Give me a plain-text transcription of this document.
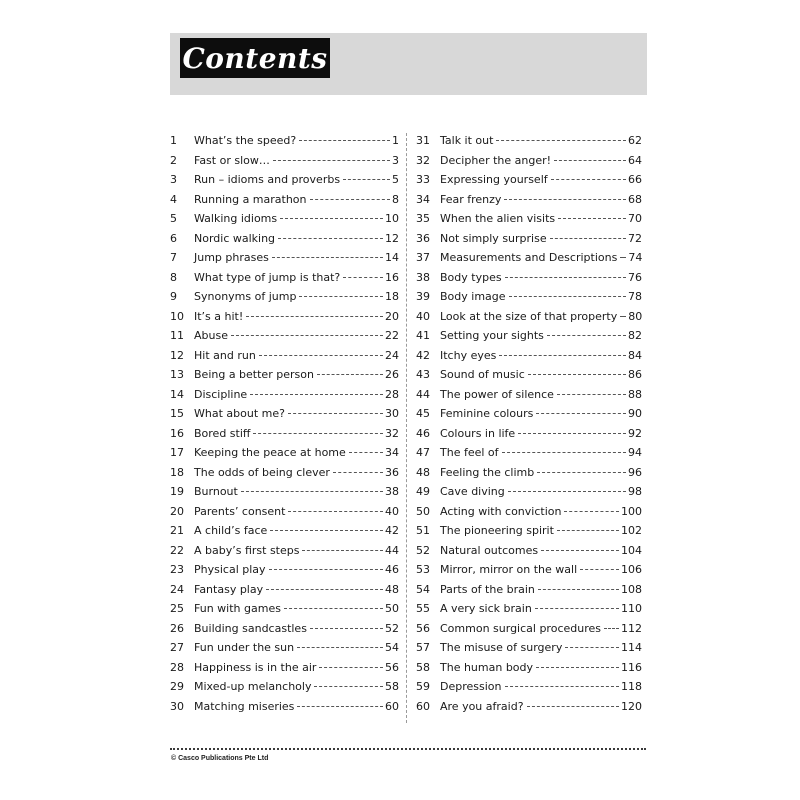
Contents
1	What’s the speed?	1
2	Fast or slow…	3
3	Run – idioms and proverbs	5
4	Running a marathon	8
5	Walking idioms	10
6	Nordic walking	12
7	Jump phrases	14
8	What type of jump is that?	16
9	Synonyms of jump	18
10 It’s a hit!	20
11 Abuse	22
12 Hit and run	24
13 Being a better person	26
14 Discipline	28
15 What about me?	30
16 Bored stiff	32
17 Keeping the peace at home	34
18 The odds of being clever	36
19 Burnout	38
20 Parents’ consent	40
21 A child’s face	42
22 A baby’s first steps	44
23 Physical play	46
24 Fantasy play	48
25 Fun with games	50
26 Building sandcastles	52
27 Fun under the sun	54
28 Happiness is in the air	56
29 Mixed-up melancholy	58
30 Matching miseries	60
31 Talk it out	62
32 Decipher the anger!	64
33 Expressing yourself	66
34 Fear frenzy	68
35 When the alien visits	70
36 Not simply surprise	72
37 Measurements and Descriptions 74
38 Body types	76
39 Body image	78
40 Look at the size of that property 80
41 Setting your sights	82
42 Itchy eyes	84
43 Sound of music	86
44 The power of silence	88
45 Feminine colours	90
46 Colours in life	92
47 The feel of	94
48 Feeling the climb	96
49 Cave diving	98
50 Acting with conviction	100
51 The pioneering spirit	102
52 Natural outcomes	104
53 Mirror, mirror on the wall	106
54 Parts of the brain	108
55 A very sick brain	110
56 Common surgical procedures 112
57 The misuse of surgery	114
58 The human body	116
59 Depression	118
60 Are you afraid?	120
© Casco Publications Pte Ltd
